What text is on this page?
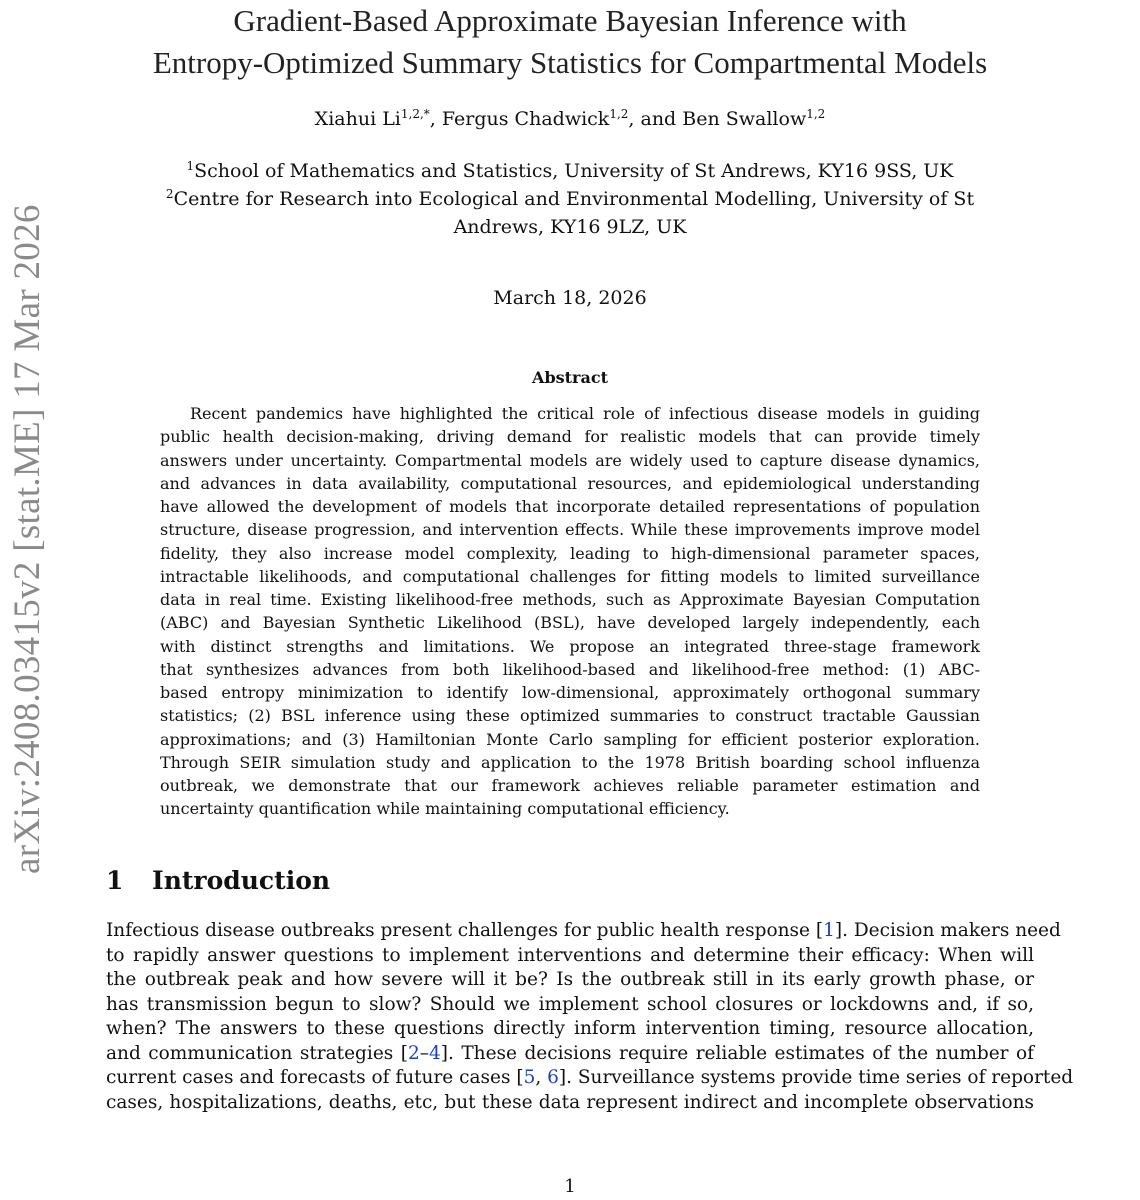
arXiv:2408.03415v2 [stat.ME] 17 Mar 2026
Gradient-Based Approximate Bayesian Inference with
Entropy-Optimized Summary Statistics for Compartmental Models
Xiahui $Li^{1,2,*}$, Fergus Chadwick$^{1,2}$, and Ben Swallow$^{1,2}$
$^1$School of Mathematics and Statistics, University of St Andrews, KY16 9SS, UK
$^2$Centre for Research into Ecological and Environmental Modelling, University of St
Andrews, KY16 9LZ, UK
March 18, 2026
Abstract
Recent pandemics have highlighted the critical role of infectious disease models in guiding
public health decision-making, driving demand for realistic models that can provide timely
answers under uncertainty. Compartmental models are widely used to capture disease dynamics,
and advances in data availability, computational resources, and epidemiological understanding
have allowed the development of models that incorporate detailed representations of population
structure, disease progression, and intervention effects. While these improvements improve model
fidelity, they also increase model complexity, leading to high-dimensional parameter spaces,
intractable likelihoods, and computational challenges for fitting models to limited surveillance
data in real time. Existing likelihood-free methods, such as Approximate Bayesian Computation
(ABC) and Bayesian Synthetic Likelihood (BSL), have developed largely independently, each
with distinct strengths and limitations. We propose an integrated three-stage framework
that synthesizes advances from both likelihood-based and likelihood-free method: (1) ABC-
based entropy minimization to identify low-dimensional, approximately orthogonal summary
statistics; (2) BSL inference using these optimized summaries to construct tractable Gaussian
approximations; and (3) Hamiltonian Monte Carlo sampling for efficient posterior exploration.
Through SEIR simulation study and application to the 1978 British boarding school influenza
outbreak, we demonstrate that our framework achieves reliable parameter estimation and
uncertainty quantification while maintaining computational efficiency.
1 Introduction
Infectious disease outbreaks present challenges for public health response [1]. Decision makers need
to rapidly answer questions to implement interventions and determine their efficacy: When will
the outbreak peak and how severe will it be? Is the outbreak still in its early growth phase, or
has transmission begun to slow? Should we implement school closures or lockdowns and, if so,
when? The answers to these questions directly inform intervention timing, resource allocation,
and communication strategies [2–4]. These decisions require reliable estimates of the number of
current cases and forecasts of future cases [5, 6]. Surveillance systems provide time series of reported
cases, hospitalizations, deaths, etc, but these data represent indirect and incomplete observations
1
